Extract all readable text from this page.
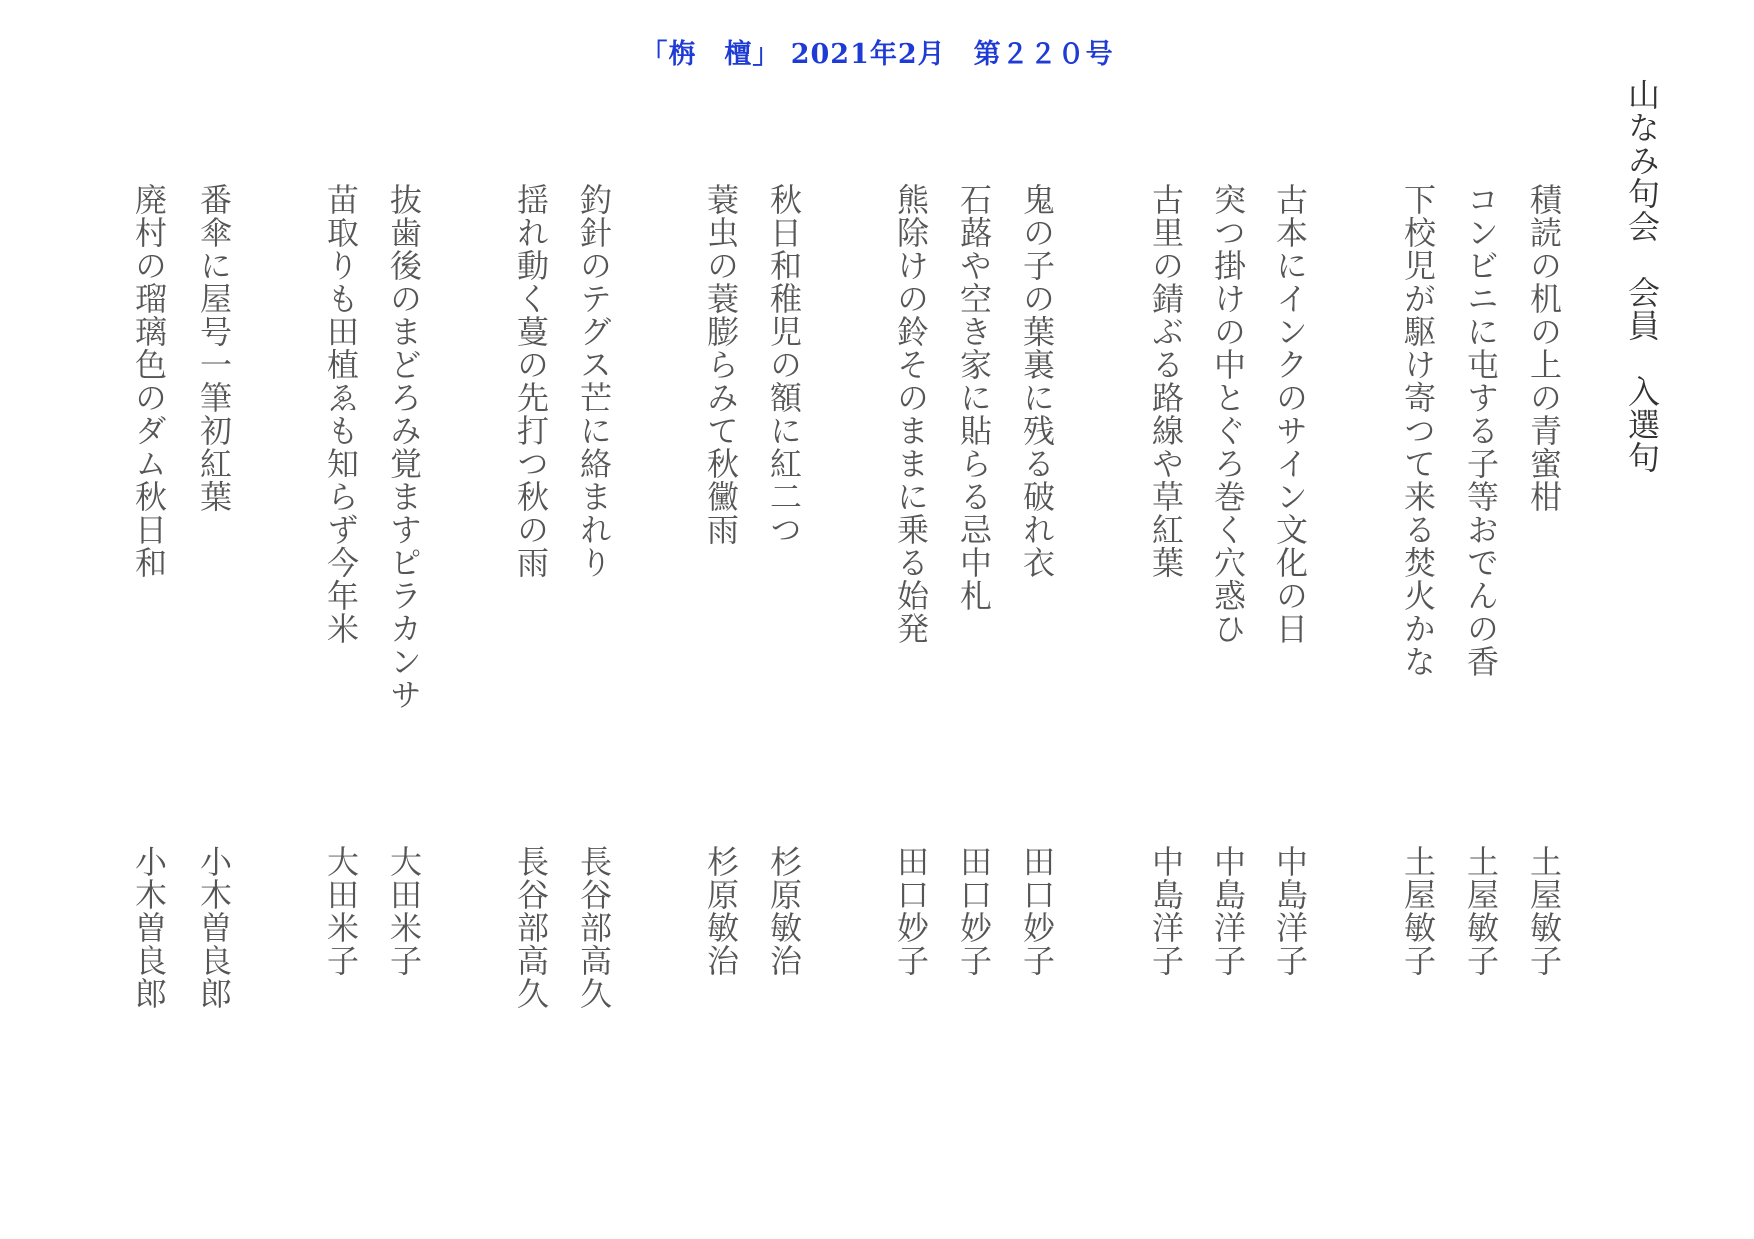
「栴　檀」 2021年2月　第２２０号
山なみ句会　会員　入選句
積読の机の上の青蜜柑
土屋敏子
コンビニに屯する子等おでんの香
土屋敏子
下校児が駆け寄つて来る焚火かな
土屋敏子
古本にインクのサイン文化の日
中島洋子
突つ掛けの中とぐろ巻く穴惑ひ
中島洋子
古里の錆ぶる路線や草紅葉
中島洋子
鬼の子の葉裏に残る破れ衣
田口妙子
石蕗や空き家に貼らる忌中札
田口妙子
熊除けの鈴そのままに乗る始発
田口妙子
秋日和稚児の額に紅二つ
杉原敏治
蓑虫の蓑膨らみて秋黴雨
杉原敏治
釣針のテグス芒に絡まれり
長谷部高久
揺れ動く蔓の先打つ秋の雨
長谷部高久
抜歯後のまどろみ覚ますピラカンサ
大田米子
苗取りも田植ゑも知らず今年米
大田米子
番傘に屋号一筆初紅葉
小木曽良郎
廃村の瑠璃色のダム秋日和
小木曽良郎
